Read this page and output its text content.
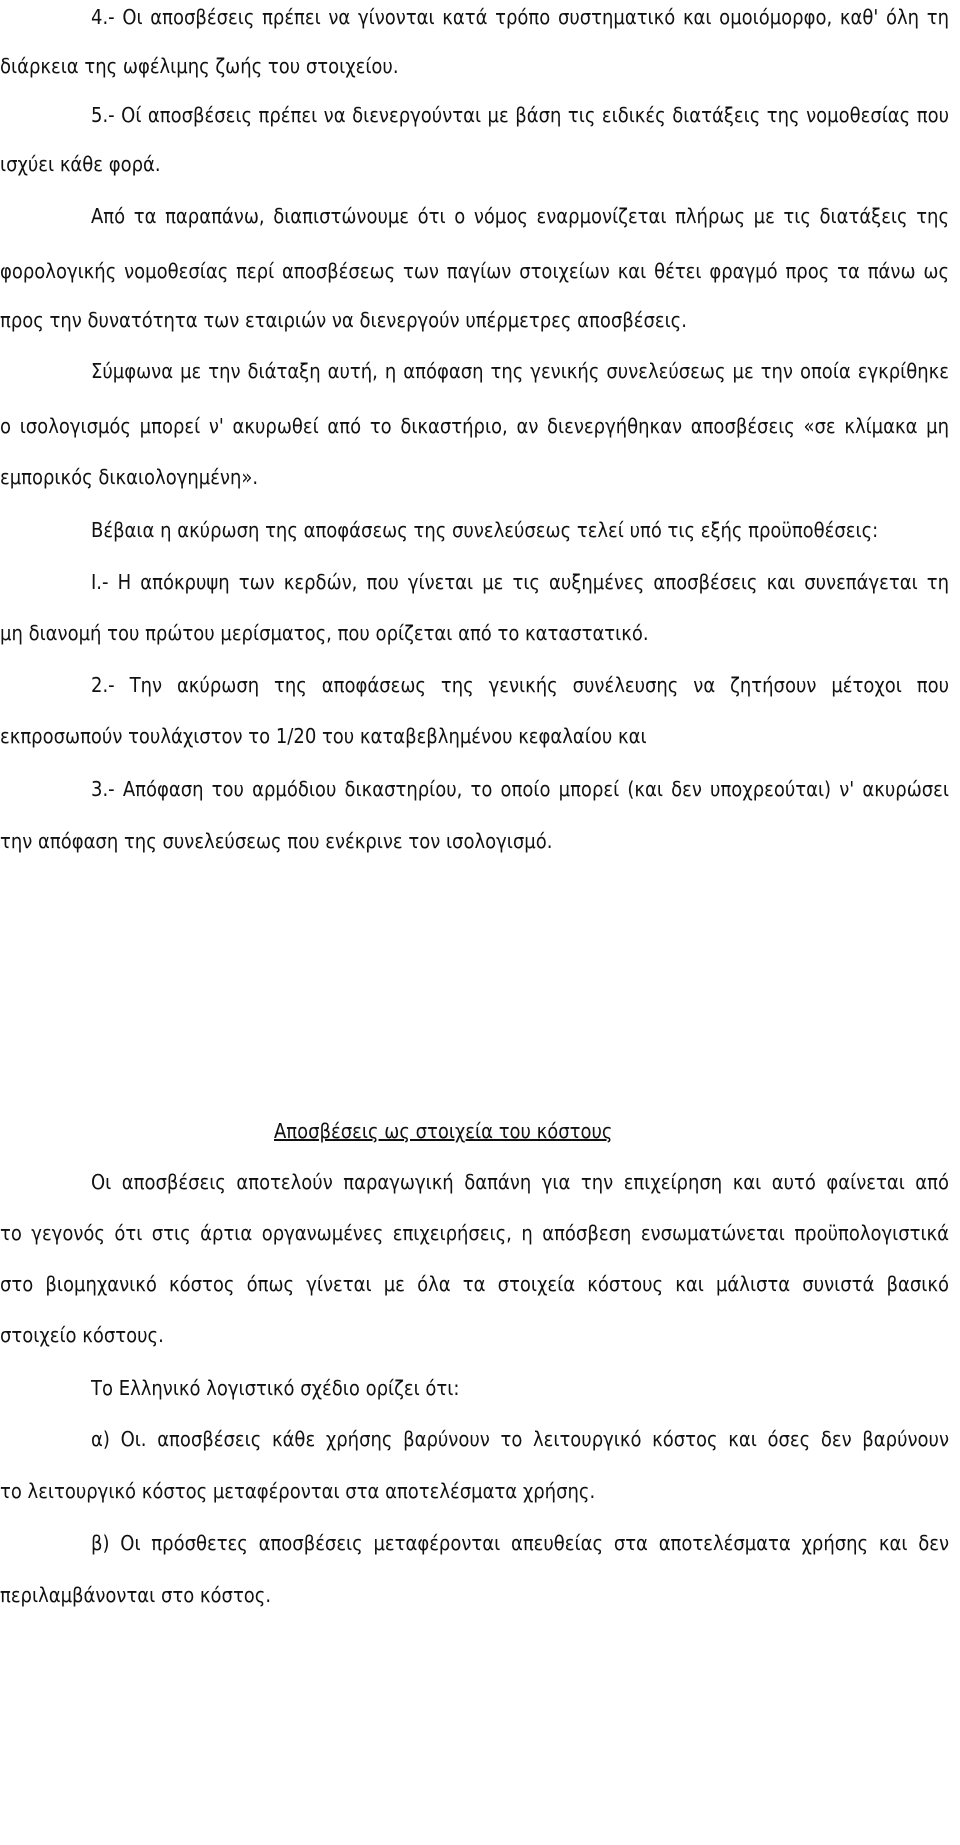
4.- Οι αποσβέσεις πρέπει να γίνονται κατά τρόπο συστηματικό και ομοιόμορφο, καθ' όλη τη
διάρκεια της ωφέλιμης ζωής του στοιχείου.
5.- Οί αποσβέσεις πρέπει να διενεργούνται με βάση τις ειδικές διατάξεις της νομοθεσίας που
ισχύει κάθε φορά.
Από τα παραπάνω, διαπιστώνουμε ότι ο νόμος εναρμονίζεται πλήρως με τις διατάξεις της
φορολογικής νομοθεσίας περί αποσβέσεως των παγίων στοιχείων και θέτει φραγμό προς τα πάνω ως
προς την δυνατότητα των εταιριών να διενεργούν υπέρμετρες αποσβέσεις.
Σύμφωνα με την διάταξη αυτή, η απόφαση της γενικής συνελεύσεως με την οποία εγκρίθηκε
ο ισολογισμός μπορεί ν' ακυρωθεί από το δικαστήριο, αν διενεργήθηκαν αποσβέσεις «σε κλίμακα μη
εμπορικός δικαιολογημένη».
Βέβαια η ακύρωση της αποφάσεως της συνελεύσεως τελεί υπό τις εξής προϋποθέσεις:
Ι.- Η απόκρυψη των κερδών, που γίνεται με τις αυξημένες αποσβέσεις και συνεπάγεται τη
μη διανομή του πρώτου μερίσματος, που ορίζεται από το καταστατικό.
2.- Την ακύρωση της αποφάσεως της γενικής συνέλευσης να ζητήσουν μέτοχοι που
εκπροσωπούν τουλάχιστον το 1/20 του καταβεβλημένου κεφαλαίου και
3.- Απόφαση του αρμόδιου δικαστηρίου, το οποίο μπορεί (και δεν υποχρεούται) ν' ακυρώσει
την απόφαση της συνελεύσεως που ενέκρινε τον ισολογισμό.
Αποσβέσεις ως στοιχεία του κόστους
Οι αποσβέσεις αποτελούν παραγωγική δαπάνη για την επιχείρηση και αυτό φαίνεται από
το γεγονός ότι στις άρτια οργανωμένες επιχειρήσεις, η απόσβεση ενσωματώνεται προϋπολογιστικά
στο βιομηχανικό κόστος όπως γίνεται με όλα τα στοιχεία κόστους και μάλιστα συνιστά βασικό
στοιχείο κόστους.
Το Ελληνικό λογιστικό σχέδιο ορίζει ότι:
α) Οι. αποσβέσεις κάθε χρήσης βαρύνουν το λειτουργικό κόστος και όσες δεν βαρύνουν
το λειτουργικό κόστος μεταφέρονται στα αποτελέσματα χρήσης.
β) Οι πρόσθετες αποσβέσεις μεταφέρονται απευθείας στα αποτελέσματα χρήσης και δεν
περιλαμβάνονται στο κόστος.
